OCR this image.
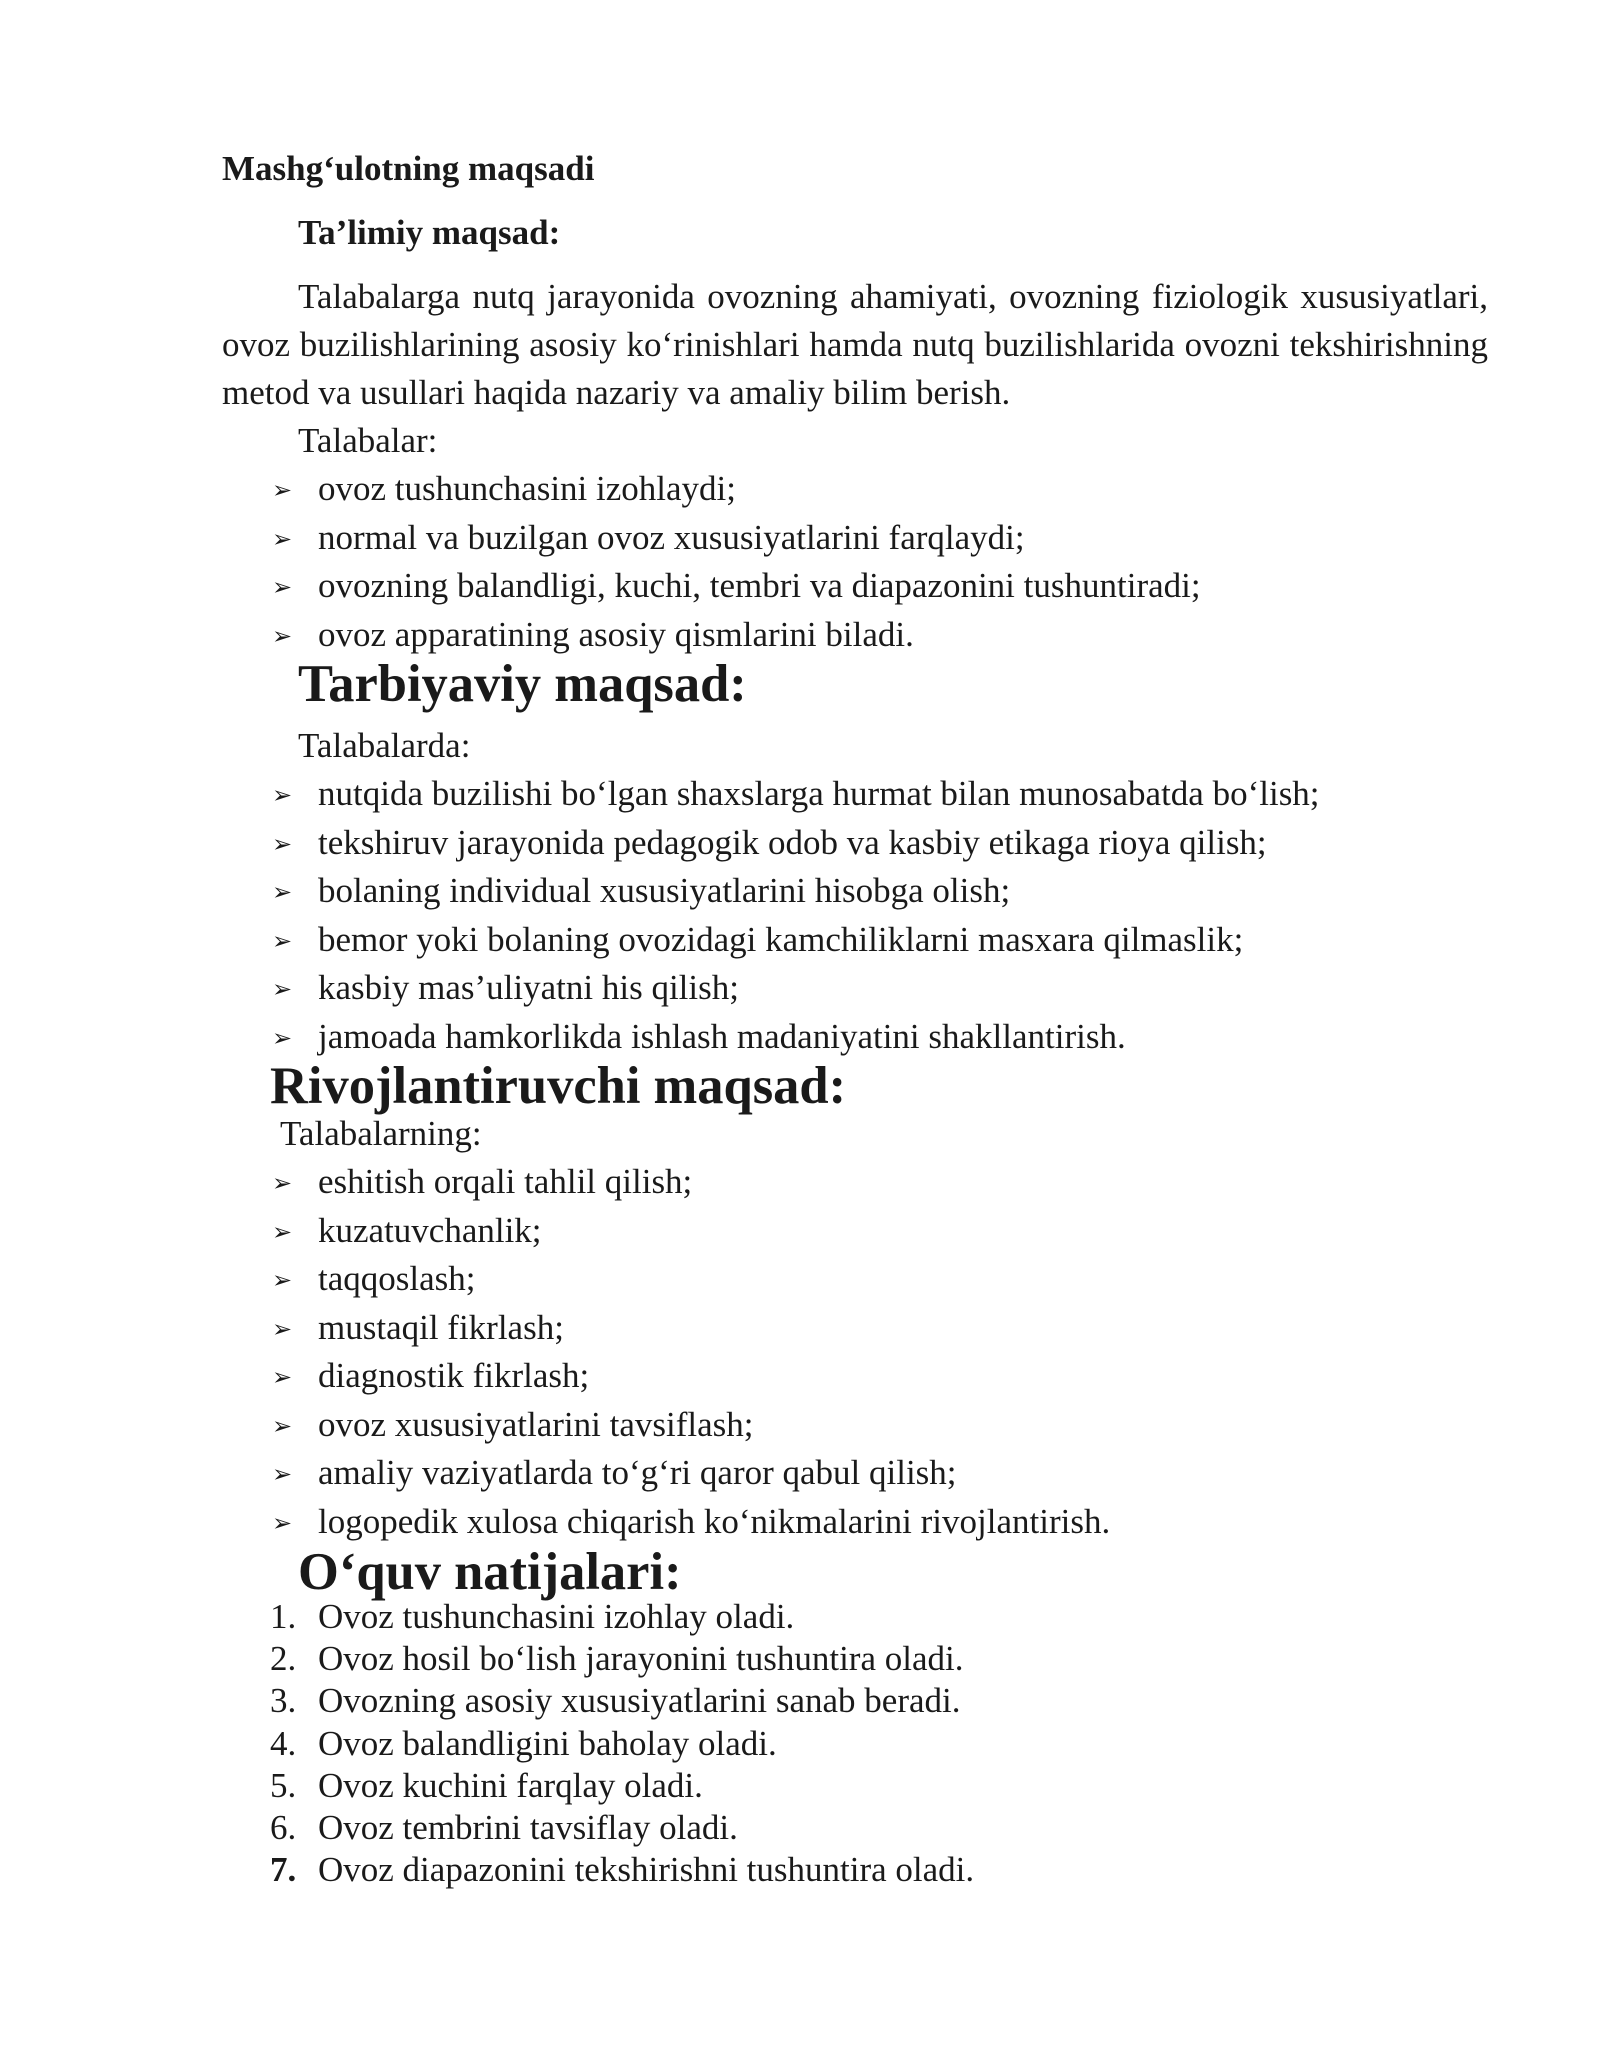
Mashg‘ulotning maqsadi
Ta’limiy maqsad:

Talabalarga nutq jarayonida ovozning ahamiyati, ovozning fiziologik xususiyatlari, ovoz buzilishlarining asosiy ko‘rinishlari hamda nutq buzilishlarida ovozni tekshirishning metod va usullari haqida nazariy va amaliy bilim berish.

Talabalar:
➢ ovoz tushunchasini izohlaydi;
➢ normal va buzilgan ovoz xususiyatlarini farqlaydi;
➢ ovozning balandligi, kuchi, tembri va diapazonini tushuntiradi;
➢ ovoz apparatining asosiy qismlarini biladi.
Tarbiyaviy maqsad:
Talabalarda:
➢ nutqida buzilishi bo‘lgan shaxslarga hurmat bilan munosabatda bo‘lish;
➢ tekshiruv jarayonida pedagogik odob va kasbiy etikaga rioya qilish;
➢ bolaning individual xususiyatlarini hisobga olish;
➢ bemor yoki bolaning ovozidagi kamchiliklarni masxara qilmaslik;
➢ kasbiy mas’uliyatni his qilish;
➢ jamoada hamkorlikda ishlash madaniyatini shakllantirish.
Rivojlantiruvchi maqsad:
Talabalarning:
➢ eshitish orqali tahlil qilish;
➢ kuzatuvchanlik;
➢ taqqoslash;
➢ mustaqil fikrlash;
➢ diagnostik fikrlash;
➢ ovoz xususiyatlarini tavsiflash;
➢ amaliy vaziyatlarda to‘g‘ri qaror qabul qilish;
➢ logopedik xulosa chiqarish ko‘nikmalarini rivojlantirish.
O‘quv natijalari:
1. Ovoz tushunchasini izohlay oladi.
2. Ovoz hosil bo‘lish jarayonini tushuntira oladi.
3. Ovozning asosiy xususiyatlarini sanab beradi.
4. Ovoz balandligini baholay oladi.
5. Ovoz kuchini farqlay oladi.
6. Ovoz tembrini tavsiflay oladi.
7. Ovoz diapazonini tekshirishni tushuntira oladi.
